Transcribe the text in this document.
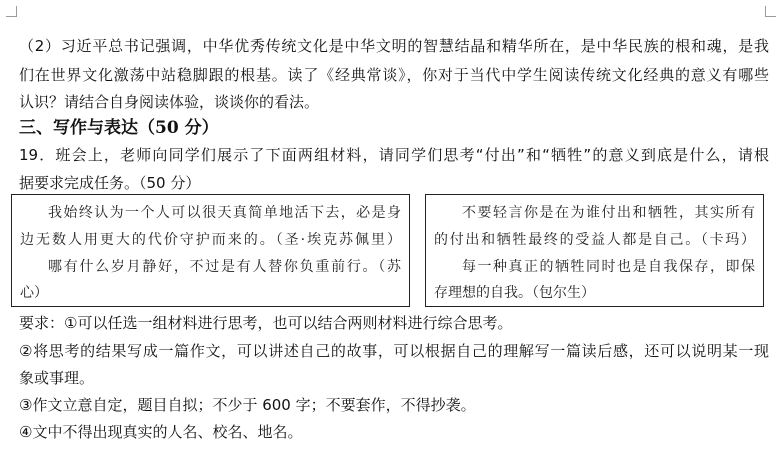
（2）习近平总书记强调，中华优秀传统文化是中华文明的智慧结晶和精华所在，是中华民族的根和魂，是我
们在世界文化激荡中站稳脚跟的根基。读了《经典常谈》，你对于当代中学生阅读传统文化经典的意义有哪些
认识？请结合自身阅读体验，谈谈你的看法。
三、写作与表达（50 分）
19．班会上，老师向同学们展示了下面两组材料，请同学们思考“付出”和“牺牲”的意义到底是什么，请根
据要求完成任务。（50 分）

我始终认为一个人可以很天真简单地活下去，必是身

边无数人用更大的代价守护而来的。（圣·埃克苏佩里）

哪有什么岁月静好，不过是有人替你负重前行。（苏

心）

不要轻言你是在为谁付出和牺牲，其实所有

的付出和牺牲最终的受益人都是自己。（卡玛）

每一种真正的牺牲同时也是自我保存，即保

存理想的自我。（包尔生）

要求：①可以任选一组材料进行思考，也可以结合两则材料进行综合思考。
②将思考的结果写成一篇作文，可以讲述自己的故事，可以根据自己的理解写一篇读后感，还可以说明某一现
象或事理。
③作文立意自定，题目自拟；不少于 600 字；不要套作，不得抄袭。
④文中不得出现真实的人名、校名、地名。
